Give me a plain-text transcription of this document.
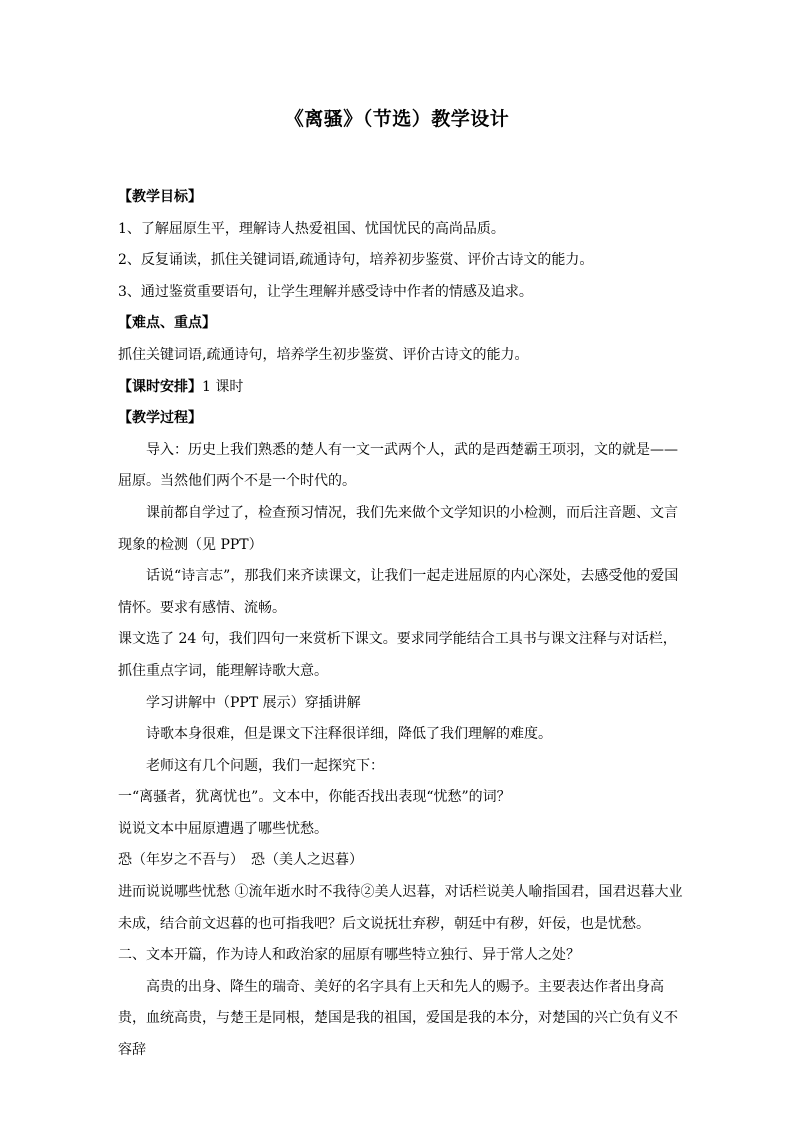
《离骚》（节选）教学设计

【教学目标】

1、了解屈原生平，理解诗人热爱祖国、忧国忧民的高尚品质。

2、反复诵读，抓住关键词语,疏通诗句，培养初步鉴赏、评价古诗文的能力。

3、通过鉴赏重要语句，让学生理解并感受诗中作者的情感及追求。

【难点、重点】

抓住关键词语,疏通诗句，培养学生初步鉴赏、评价古诗文的能力。

【课时安排】1 课时

【教学过程】

导入：历史上我们熟悉的楚人有一文一武两个人，武的是西楚霸王项羽，文的就是——屈原。当然他们两个不是一个时代的。

课前都自学过了，检查预习情况，我们先来做个文学知识的小检测，而后注音题、文言现象的检测（见 PPT）

话说“诗言志”，那我们来齐读课文，让我们一起走进屈原的内心深处，去感受他的爱国情怀。要求有感情、流畅。

课文选了 24 句，我们四句一来赏析下课文。要求同学能结合工具书与课文注释与对话栏，抓住重点字词，能理解诗歌大意。

学习讲解中（PPT 展示）穿插讲解

诗歌本身很难，但是课文下注释很详细，降低了我们理解的难度。

老师这有几个问题，我们一起探究下：

一“离骚者，犹离忧也”。文本中，你能否找出表现“忧愁”的词？

说说文本中屈原遭遇了哪些忧愁。

恐（年岁之不吾与）　恐（美人之迟暮）

进而说说哪些忧愁 ①流年逝水时不我待②美人迟暮，对话栏说美人喻指国君，国君迟暮大业未成，结合前文迟暮的也可指我吧？后文说抚壮弃秽，朝廷中有秽，奸佞，也是忧愁。

二、文本开篇，作为诗人和政治家的屈原有哪些特立独行、异于常人之处？

高贵的出身、降生的瑞奇、美好的名字具有上天和先人的赐予。主要表达作者出身高贵，血统高贵，与楚王是同根，楚国是我的祖国，爱国是我的本分，对楚国的兴亡负有义不容辞
